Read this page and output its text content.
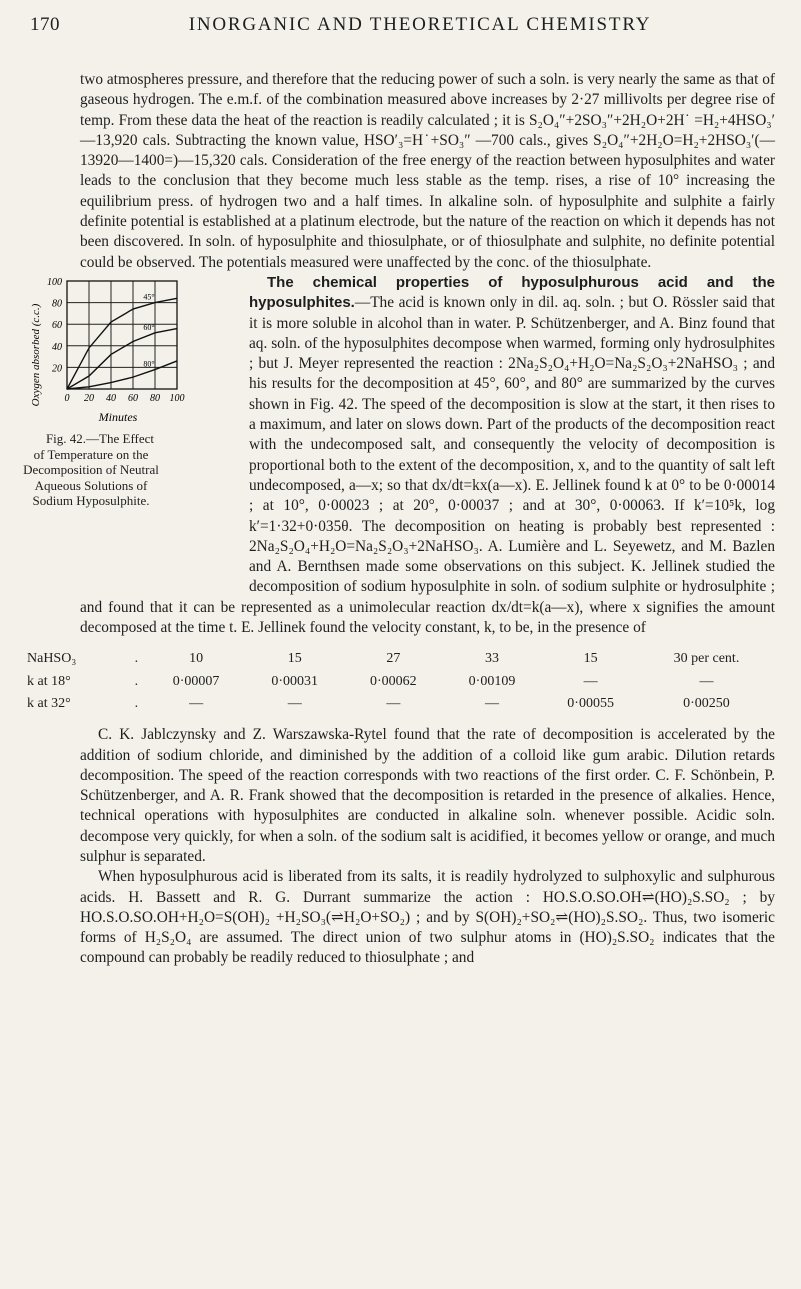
170	INORGANIC AND THEORETICAL CHEMISTRY

two atmospheres pressure, and therefore that the reducing power of such a soln. is very nearly the same as that of gaseous hydrogen. The e.m.f. of the combination measured above increases by 2·27 millivolts per degree rise of temp. From these data the heat of the reaction is readily calculated ; it is S₂O₄″+2SO₃″+2H₂O+2H˙ =H₂+4HSO₃′—13,920 cals. Subtracting the known value, HSO′₃=H˙+SO₃″ —700 cals., gives S₂O₄″+2H₂O=H₂+2HSO₃′(—13920—1400=)—15,320 cals. Consideration of the free energy of the reaction between hyposulphites and water leads to the conclusion that they become much less stable as the temp. rises, a rise of 10° increasing the equilibrium press. of hydrogen two and a half times. In alkaline soln. of hyposulphite and sulphite a fairly definite potential is established at a platinum electrode, but the nature of the reaction on which it depends has not been discovered. In soln. of hyposulphite and thiosulphate, or of thiosulphate and sulphite, no definite potential could be observed. The potentials measured were unaffected by the conc. of the thiosulphate.

Oxygen absorbed (c.c.)
Minutes
0 20 40 60 80 100
100
80
60
40
20	80°
60°
45°
Fig. 42.—The Effect of Temperature on the Decomposition of Neutral Aqueous Solutions of Sodium Hyposulphite.
The chemical properties of hyposulphurous acid and the hyposulphites.—The acid is known only in dil. aq. soln. ; but O. Rössler said that it is more soluble in alcohol than in water. P. Schützenberger, and A. Binz found that aq. soln. of the hyposulphites decompose when warmed, forming only hydrosulphites ; but J. Meyer represented the reaction : 2Na₂S₂O₄+H₂O=Na₂S₂O₃+2NaHSO₃ ; and his results for the decomposition at 45°, 60°, and 80° are summarized by the curves shown in Fig. 42. The speed of the decomposition is slow at the start, it then rises to a maximum, and later on slows down. Part of the products of the decomposition react with the undecomposed salt, and consequently the velocity of decomposition is proportional both to the extent of the decomposition, x, and to the quantity of salt left undecomposed, a—x; so that dx/dt=kx(a—x). E. Jellinek found k at 0° to be 0·00014 ; at 10°, 0·00023 ; at 20°, 0·00037 ; and at 30°, 0·00063. If k′=10⁵k, log k′=1·32+0·035θ. The decomposition on heating is probably best represented : 2Na₂S₂O₄+H₂O=Na₂S₂O₃+2NaHSO₃. A. Lumière and L. Seyewetz, and M. Bazlen and A. Bernthsen made some observations on this subject. K. Jellinek studied the decomposition of sodium hyposulphite in soln. of sodium sulphite or hydrosulphite ; and found that it can be represented as a unimolecular reaction dx/dt=k(a—x), where x signifies the amount decomposed at the time t. E. Jellinek found the velocity constant, k, to be, in the presence of

NaHSO₃	.	10	15	27	33	15	30 per cent.
k at 18°	.	0·00007	0·00031	0·00062	0·00109	—	—
k at 32°	.	—	—	—	—	0·00055	0·00250

C. K. Jablczynsky and Z. Warszawska-Rytel found that the rate of decomposition is accelerated by the addition of sodium chloride, and diminished by the addition of a colloid like gum arabic. Dilution retards decomposition. The speed of the reaction corresponds with two reactions of the first order. C. F. Schönbein, P. Schützenberger, and A. R. Frank showed that the decomposition is retarded in the presence of alkalies. Hence, technical operations with hyposulphites are conducted in alkaline soln. whenever possible. Acidic soln. decompose very quickly, for when a soln. of the sodium salt is acidified, it becomes yellow or orange, and much sulphur is separated.

When hyposulphurous acid is liberated from its salts, it is readily hydrolyzed to sulphoxylic and sulphurous acids. H. Bassett and R. G. Durrant summarize the action : HO.S.O.SO.OH⇌(HO)₂S.SO₂ ; by HO.S.O.SO.OH+H₂O=S(OH)₂ +H₂SO₃(⇌H₂O+SO₂) ; and by S(OH)₂+SO₂⇌(HO)₂S.SO₂. Thus, two isomeric forms of H₂S₂O₄ are assumed. The direct union of two sulphur atoms in (HO)₂S.SO₂ indicates that the compound can probably be readily reduced to thiosulphate ; and
